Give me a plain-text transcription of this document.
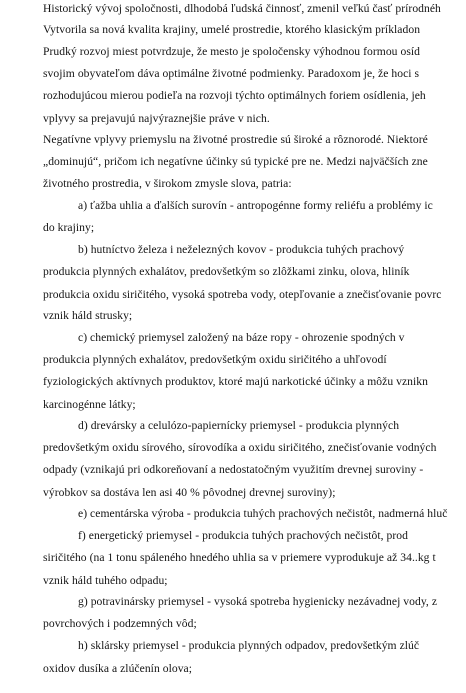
Historický vývoj spoločnosti, dlhodobá ľudská činnosť, zmenil veľkú časť prírodnéh
Vytvorila sa nová kvalita krajiny, umelé prostredie, ktorého klasickým príkladon
Prudký rozvoj miest potvrdzuje, že mesto je spoločensky výhodnou formou osíd
svojim obyvateľom dáva optimálne životné podmienky. Paradoxom je, že hoci s
rozhodujúcou mierou podieľa na rozvoji týchto optimálnych foriem osídlenia, jeh
vplyvy sa prejavujú najvýraznejšie práve v nich.
Negatívne vplyvy priemyslu na životné prostredie sú široké a rôznorodé. Niektoré
„dominujú“, pričom ich negatívne účinky sú typické pre ne. Medzi najväčších zne
životného prostredia, v širokom zmysle slova, patria:
a) ťažba uhlia a ďalších surovín - antropogénne formy reliéfu a problémy ic
do krajiny;
b) hutníctvo železa i neželezných kovov - produkcia tuhých prachový
produkcia plynných exhalátov, predovšetkým so zlôžkami zinku, olova, hliník
produkcia oxidu siričitého, vysoká spotreba vody, otepľovanie a znečisťovanie povrc
vznik háld strusky;
c) chemický priemysel založený na báze ropy - ohrozenie spodných v
produkcia plynných exhalátov, predovšetkým oxidu siričitého a uhľovodí
fyziologických aktívnych produktov, ktoré majú narkotické účinky a môžu vznikn
karcinogénne látky;
d) drevársky a celulózo-papiernícky priemysel - produkcia plynných
predovšetkým oxidu sírového, sírovodíka a oxidu siričitého, znečisťovanie vodných
odpady (vznikajú pri odkoreňovaní a nedostatočným využitím drevnej suroviny -
výrobkov sa dostáva len asi 40 % pôvodnej drevnej suroviny);
e) cementárska výroba - produkcia tuhých prachových nečistôt, nadmerná hluč
f) energetický priemysel - produkcia tuhých prachových nečistôt, prod
siričitého (na 1 tonu spáleného hnedého uhlia sa v priemere vyprodukuje až 34..kg t
vznik háld tuhého odpadu;
g) potravinársky priemysel - vysoká spotreba hygienicky nezávadnej vody, z
povrchových i podzemných vôd;
h) sklársky priemysel - produkcia plynných odpadov, predovšetkým zlúč
oxidov dusíka a zlúčenín olova;
